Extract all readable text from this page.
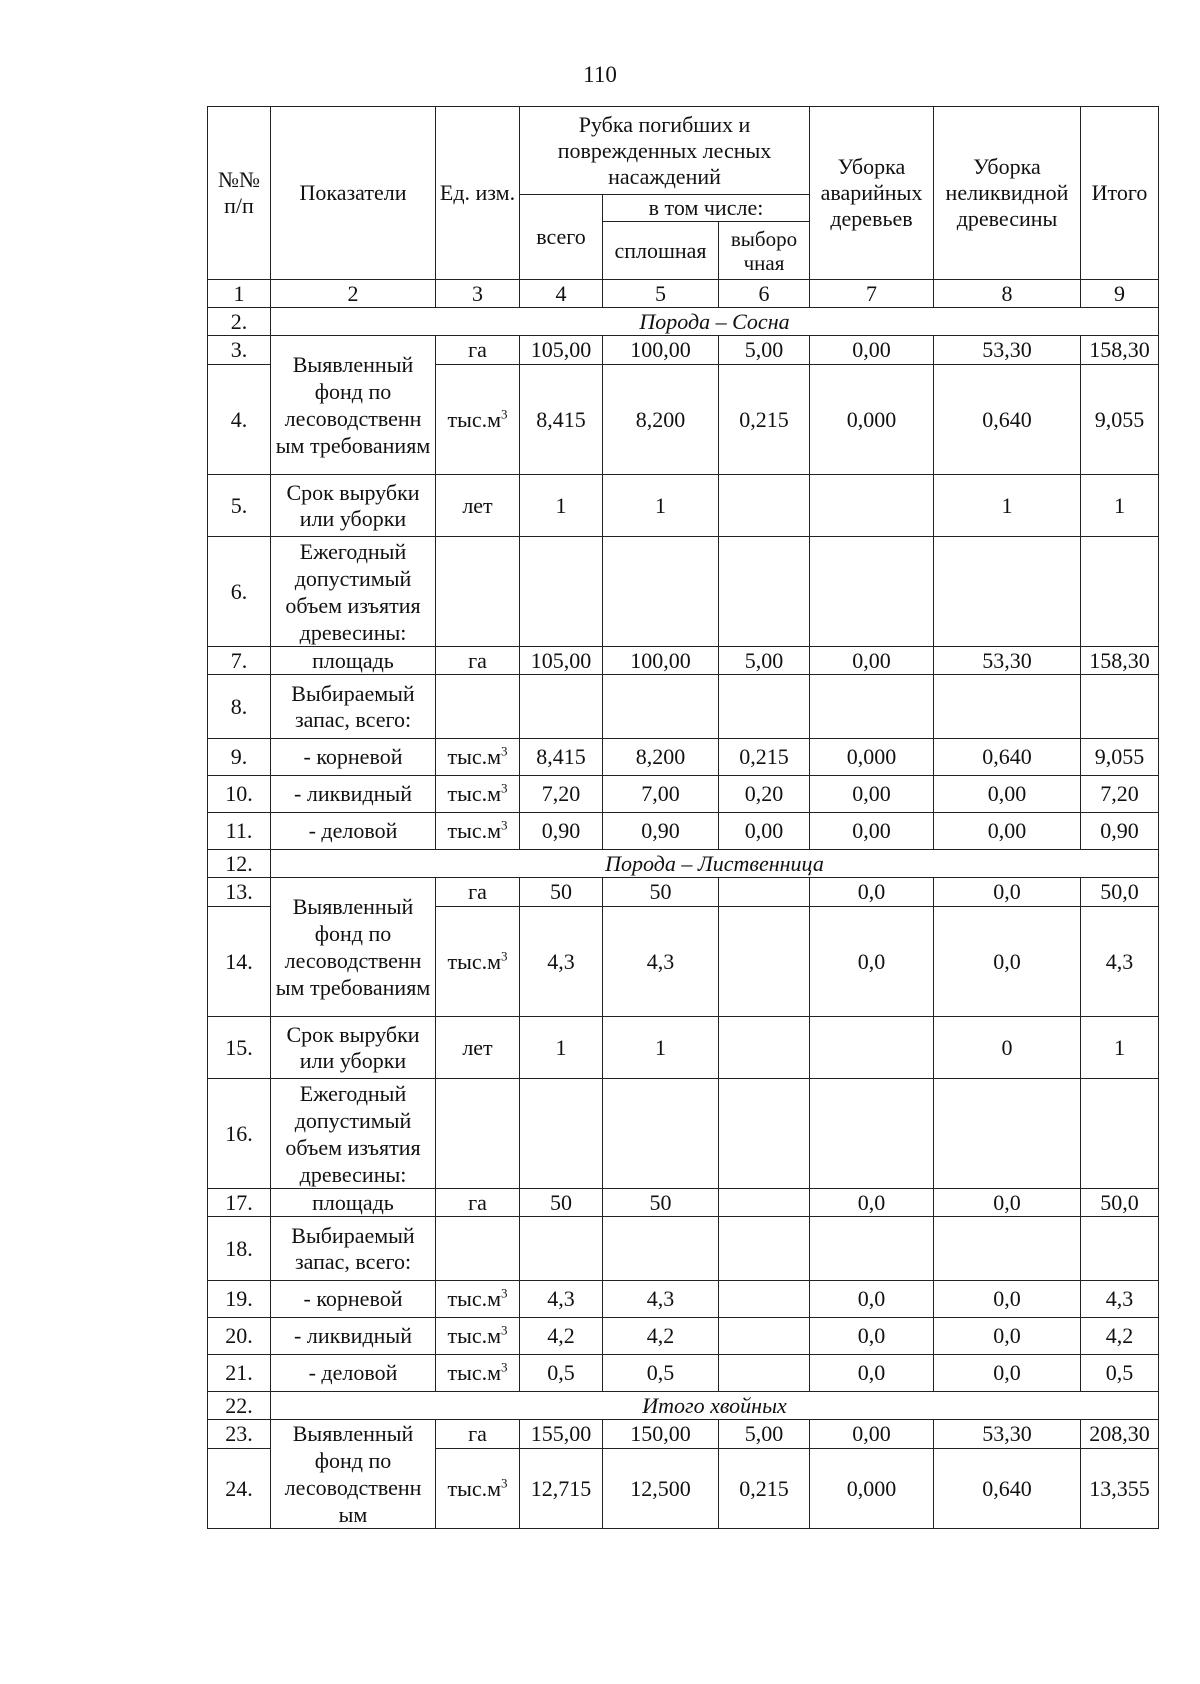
110
№№ п/п	Показатели	Ед. изм.	Рубка погибших и поврежденных лесных насаждений			Уборка аварийных деревьев	Уборка неликвидной древесины	Итого
			всего	в том числе:				
				сплошная	выборо чная			

1	2	3	4	5	6	7	8	9
2.	Порода – Сосна							
3.	Выявленный фонд по лесоводственн ым требованиям	га	105,00	100,00	5,00	0,00	53,30	158,30
4.		$тыс.м^3$	8,415	8,200	0,215	0,000	0,640	9,055
5.	Срок вырубки или уборки	лет	1	1			1	1
6.	Ежегодный допустимый объем изъятия древесины:							
7.	площадь	га	105,00	100,00	5,00	0,00	53,30	158,30
8.	Выбираемый запас, всего:							
9.	- корневой	$тыс.м^3$	8,415	8,200	0,215	0,000	0,640	9,055
10.	- ликвидный	$тыс.м^3$	7,20	7,00	0,20	0,00	0,00	7,20
11.	- деловой	$тыс.м^3$	0,90	0,90	0,00	0,00	0,00	0,90
12.	Порода – Лиственница							
13.	Выявленный фонд по лесоводственн ым требованиям	га	50	50		0,0	0,0	50,0
14.		$тыс.м^3$	4,3	4,3		0,0	0,0	4,3
15.	Срок вырубки или уборки	лет	1	1			0	1
16.	Ежегодный допустимый объем изъятия древесины:							
17.	площадь	га	50	50		0,0	0,0	50,0
18.	Выбираемый запас, всего:							
19.	- корневой	$тыс.м^3$	4,3	4,3		0,0	0,0	4,3
20.	- ликвидный	$тыс.м^3$	4,2	4,2		0,0	0,0	4,2
21.	- деловой	$тыс.м^3$	0,5	0,5		0,0	0,0	0,5
22.	Итого хвойных							
23.	Выявленный фонд по лесоводственн ым	га	155,00	150,00	5,00	0,00	53,30	208,30
24.		$тыс.м^3$	12,715	12,500	0,215	0,000	0,640	13,355
